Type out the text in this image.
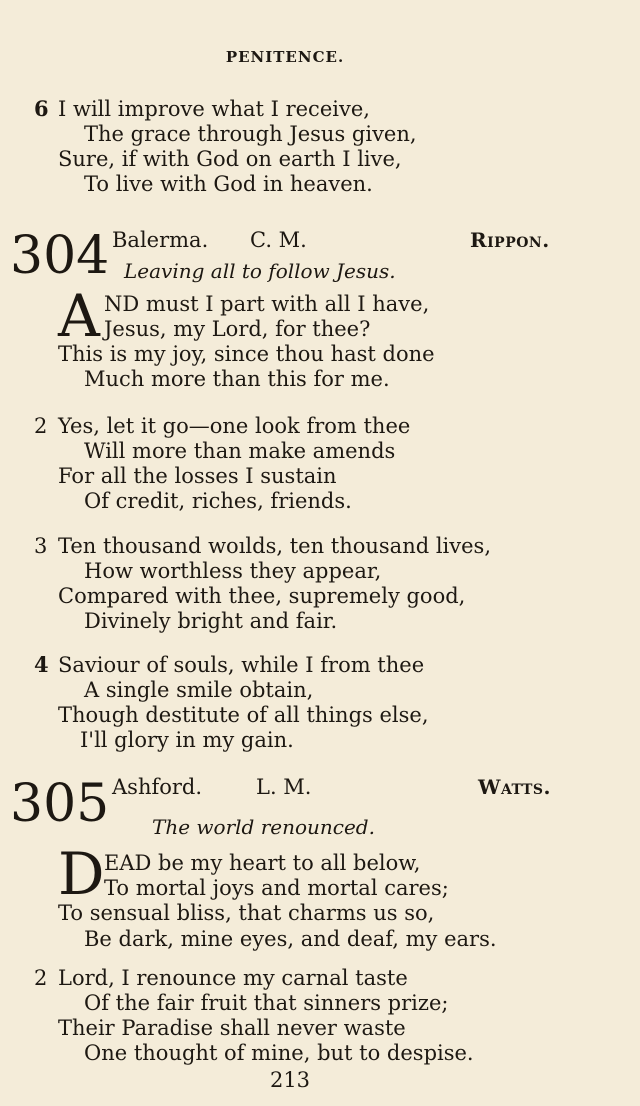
PENITENCE.
6 I will improve what I receive,
The grace through Jesus given,
Sure, if with God on earth I live,
To live with God in heaven.
304 Balerma. C. M.	Rippon.
Leaving all to follow Jesus.
A ND must I part with all I have,
Jesus, my Lord, for thee?
This is my joy, since thou hast done
Much more than this for me.
2 Yes, let it go—one look from thee
Will more than make amends
For all the losses I sustain
Of credit, riches, friends.
3 Ten thousand woılds, ten thousand lives,
How worthless they appear,
Compared with thee, supremely good,
Divinely bright and fair.
4 Saviour of souls, while I from thee
A single smile obtain,
Though destitute of all things else,
I'll glory in my gain.
305 Ashford.	L. M.	Watts.
The world renounced.
D EAD be my heart to all below,
To mortal joys and mortal cares;
To sensual bliss, that charms us so,
Be dark, mine eyes, and deaf, my ears.
2 Lord, I renounce my carnal taste
Of the fair fruit that sinners prize;
Their Paradise shall never waste
One thought of mine, but to despise.
213
